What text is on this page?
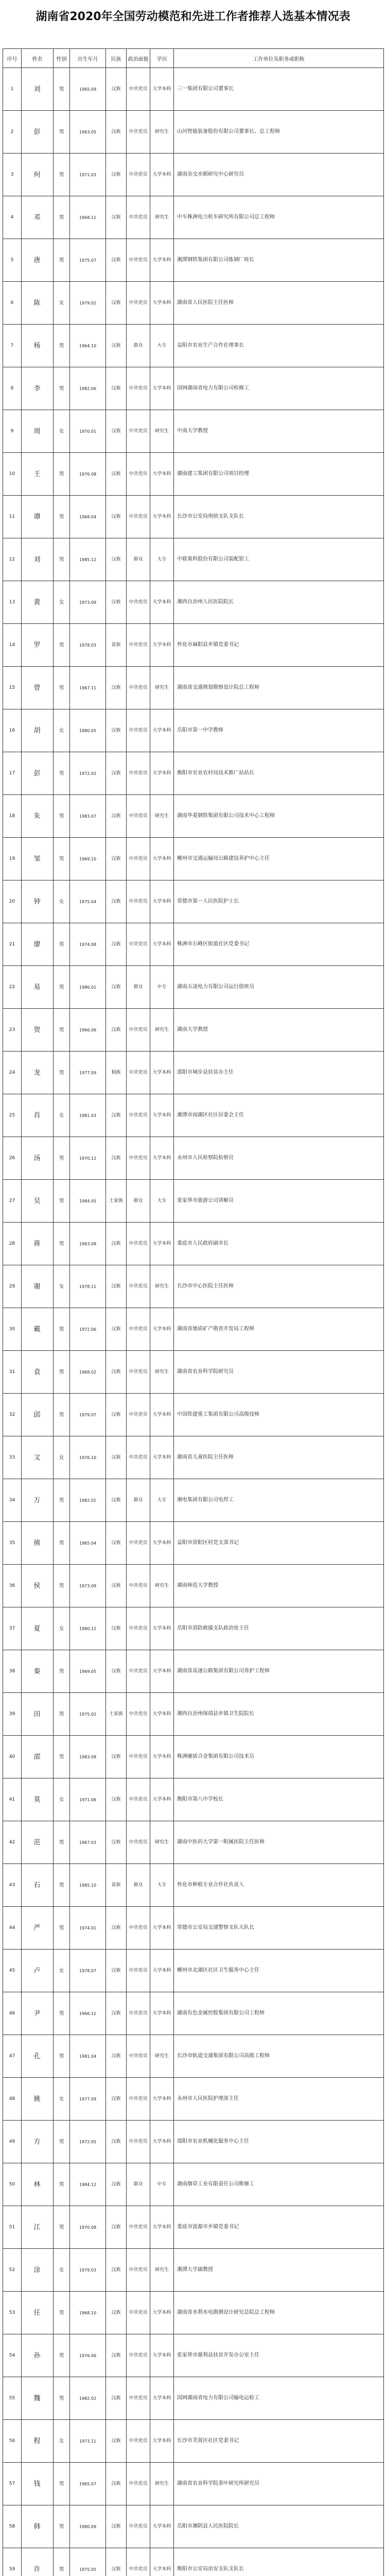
湖南省2020年全国劳动模范和先进工作者推荐人选基本情况表
序号	姓名	性别	出生年月	民族	政治面貌	学历	工作单位及职务或职称
1	刘	男	1965.09	汉族	中共党员	大学本科	三一集团有限公司董事长
2	彭	男	1963.05	汉族	中共党员	研究生	山河智能装备股份有限公司董事长、总工程师
3	何	男	1971.03	汉族	中共党员	大学本科	湖南杂交水稻研究中心研究员
4	邓	男	1968.11	汉族	中共党员	研究生	中车株洲电力机车研究所有限公司总工程师
5	唐	男	1975.07	汉族	中共党员	大学本科	湘潭钢铁集团有限公司炼钢厂班长
6	陈	女	1979.02	汉族	中共党员	大学本科	湖南省人民医院主任医师
7	杨	男	1964.10	汉族	群众	大专	益阳市农业生产合作社理事长
8	李	男	1982.06	汉族	中共党员	大学本科	国网湖南省电力有限公司检修工
9	周	女	1970.01	汉族	中共党员	研究生	中南大学教授
10	王	男	1976.08	汉族	中共党员	大学本科	湖南建工集团有限公司项目经理
11	谭	男	1968.04	汉族	中共党员	大学本科	长沙市公安局刑侦支队支队长
12	刘	男	1985.12	汉族	群众	大专	中联重科股份有限公司装配钳工
13	黄	女	1973.09	汉族	中共党员	大学本科	湘西自治州人民医院院长
14	罗	男	1978.03	苗族	中共党员	大学本科	怀化市麻阳县乡镇党委书记
15	曾	男	1967.11	汉族	中共党员	研究生	湖南省交通规划勘察设计院总工程师
16	胡	女	1980.05	汉族	中共党员	大学本科	岳阳市第一中学教师
17	彭	男	1972.02	汉族	中共党员	大学本科	衡阳市农业农村局技术推广站站长
18	朱	男	1983.07	汉族	中共党员	研究生	湖南华菱钢铁集团有限公司技术中心工程师
19	邹	男	1969.10	汉族	中共党员	大学本科	郴州市交通运输局公路建设养护中心主任
20	钟	女	1975.04	汉族	中共党员	大学本科	常德市第一人民医院护士长
21	廖	男	1974.08	汉族	中共党员	大学本科	株洲市石峰区街道社区党委书记
22	易	男	1986.01	汉族	群众	中专	湖南五凌电力有限公司运行值班员
23	贺	男	1966.06	汉族	中共党员	研究生	湖南大学教授
24	龙	男	1977.09	侗族	中共党员	大学本科	邵阳市城步县扶贫办主任
25	肖	女	1981.03	汉族	中共党员	大学本科	湘潭市雨湖区社区居委会主任
26	汤	男	1970.12	汉族	中共党员	大学本科	永州市人民检察院检察官
27	吴	男	1984.05	土家族	群众	大专	张家界市旅游公司讲解员
28	蒋	男	1963.08	汉族	中共党员	大学本科	娄底市人民政府副市长
29	谢	女	1978.11	汉族	中共党员	研究生	长沙市中心医院主任医师
30	戴	男	1972.06	汉族	中共党员	大学本科	湖南省地质矿产勘查开发局工程师
31	袁	男	1968.02	汉族	中共党员	研究生	湖南省农业科学院研究员
32	邱	男	1979.07	汉族	中共党员	大学本科	中国铁建重工集团有限公司高级技师
33	文	女	1976.10	汉族	中共党员	大学本科	湖南省儿童医院主任医师
34	万	男	1982.01	汉族	群众	大专	湘电集团有限公司电焊工
35	熊	男	1965.04	汉族	中共党员	大学本科	益阳市资阳区村党支部书记
36	侯	男	1973.09	汉族	中共党员	研究生	湖南师范大学教授
37	夏	女	1980.12	汉族	中共党员	大学本科	岳阳市消防救援支队政治处主任
38	秦	男	1969.05	汉族	中共党员	大学本科	湖南省高速公路集团有限公司养护工程师
39	田	男	1975.02	土家族	中共党员	大学本科	湘西自治州保靖县乡镇卫生院院长
40	邵	男	1983.08	汉族	中共党员	大学本科	株洲硬质合金集团有限公司技术员
41	莫	女	1971.06	汉族	中共党员	大学本科	衡阳市第八中学校长
42	范	男	1967.03	汉族	中共党员	研究生	湖南中医药大学第一附属医院主任医师
43	石	男	1985.10	苗族	群众	大专	怀化市种植专业合作社负责人
44	严	男	1974.01	汉族	中共党员	大学本科	常德市公安局交通警察支队大队长
45	卢	女	1978.07	汉族	中共党员	大学本科	郴州市北湖区社区卫生服务中心主任
46	尹	男	1966.11	汉族	中共党员	大学本科	湖南有色金属控股集团有限公司工程师
47	孔	男	1981.04	汉族	中共党员	研究生	长沙市轨道交通集团有限公司高级工程师
48	姚	女	1977.09	汉族	中共党员	大学本科	永州市人民医院护理部主任
49	方	男	1972.05	汉族	中共党员	大学本科	邵阳市农业机械化服务中心主任
50	林	男	1984.12	汉族	群众	中专	湖南烟草工业有限责任公司维修工
51	江	男	1970.08	汉族	中共党员	大学本科	娄底市涟源市乡镇党委书记
52	涂	女	1979.03	汉族	中共党员	研究生	湘潭大学副教授
53	任	男	1968.10	汉族	中共党员	大学本科	湖南省水利水电勘测设计研究总院总工程师
54	孙	男	1976.06	汉族	中共党员	大学本科	张家界市慈利县扶贫开发办公室主任
55	魏	男	1982.02	汉族	中共党员	大学本科	国网湖南省电力有限公司输电运检工
56	程	女	1973.11	汉族	中共党员	大学本科	长沙市芙蓉区社区党委书记
57	钱	男	1965.07	汉族	中共党员	研究生	湖南省农业科学院茶叶研究所研究员
58	韩	男	1980.09	汉族	中共党员	大学本科	岳阳市湘阴县人民医院院长
59	许	男	1975.05	汉族	中共党员	大学本科	衡阳市公安局治安支队支队长
